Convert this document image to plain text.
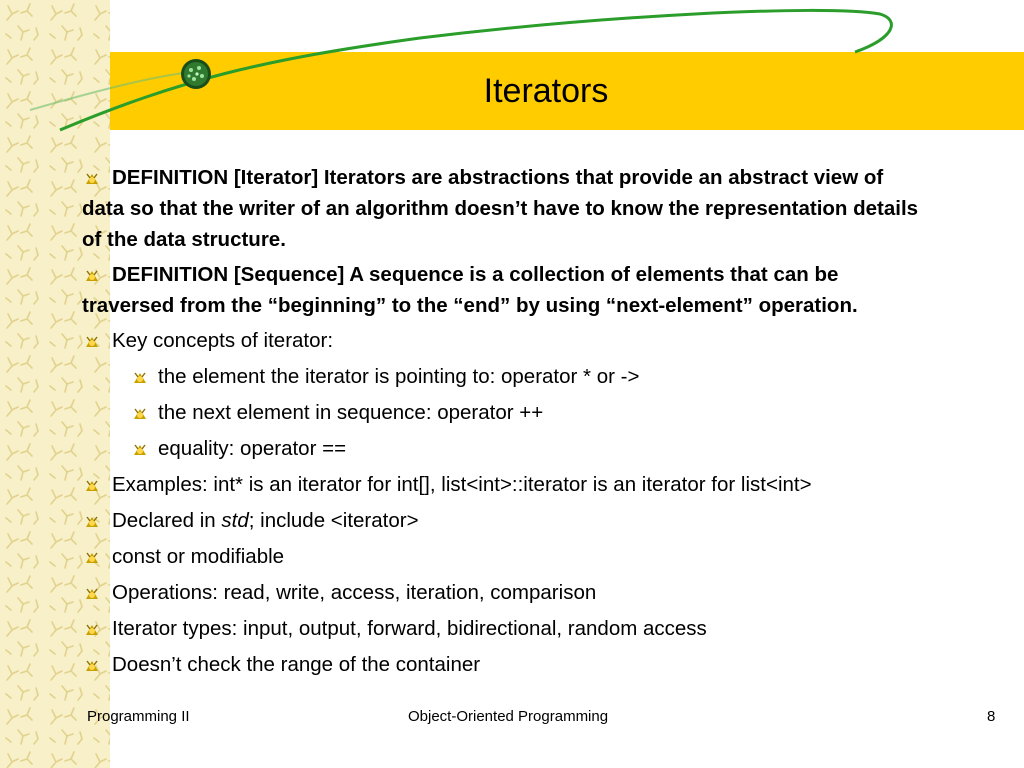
Iterators
DEFINITION [Iterator] Iterators are abstractions that provide an abstract view of data so that the writer of an algorithm doesn’t have to know the representation details of the data structure.
DEFINITION [Sequence] A sequence is a collection of elements that can be traversed from the “beginning” to the “end” by using “next-element” operation.
Key concepts of iterator:
the element the iterator is pointing to: operator * or ->
the next element in sequence: operator ++
equality: operator ==
Examples: int* is an iterator for int[], list<int>::iterator is an iterator for list<int>
Declared in std; include <iterator>
const or modifiable
Operations: read, write, access, iteration, comparison
Iterator types: input, output, forward, bidirectional, random access
Doesn’t check the range of the container
Programming II	Object-Oriented Programming	8
